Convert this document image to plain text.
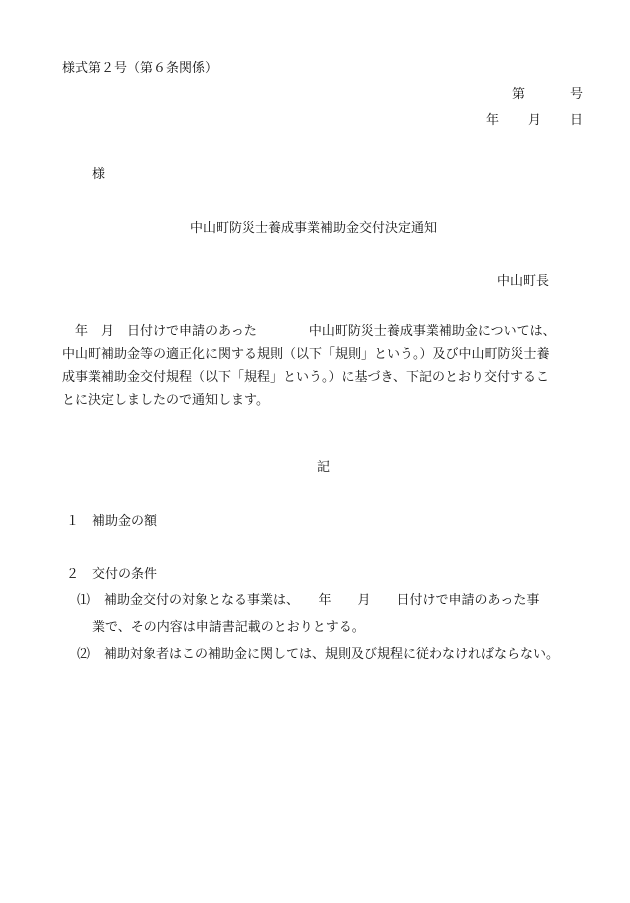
様式第２号（第６条関係）
第	号
年 月 日
様
中山町防災士養成事業補助金交付決定通知
中山町長
　年　月　日付けで申請のあった　　　　中山町防災士養成事業補助金については、
中山町補助金等の適正化に関する規則（以下「規則」という。）及び中山町防災士養
成事業補助金交付規程（以下「規程」という。）に基づき、下記のとおり交付するこ
とに決定しましたので通知します。
記
１ 補助金の額
２ 交付の条件
⑴ 補助金交付の対象となる事業は、　　年　　月　　日付けで申請のあった事
業で、その内容は申請書記載のとおりとする。
⑵ 補助対象者はこの補助金に関しては、規則及び規程に従わなければならない。
